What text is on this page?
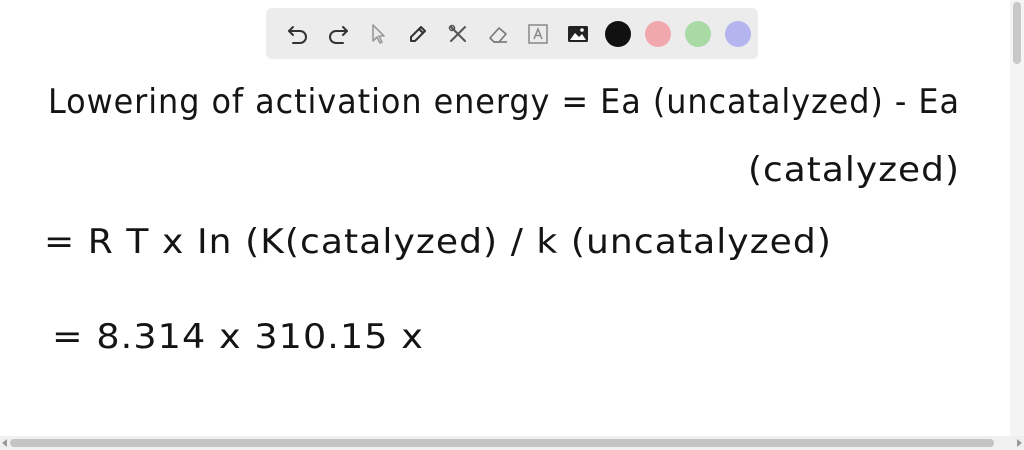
Lowering of activation energy = Ea (uncatalyzed) - Ea
(catalyzed)
= R T x In (K(catalyzed) / k (uncatalyzed)
= 8.314 x 310.15 x
